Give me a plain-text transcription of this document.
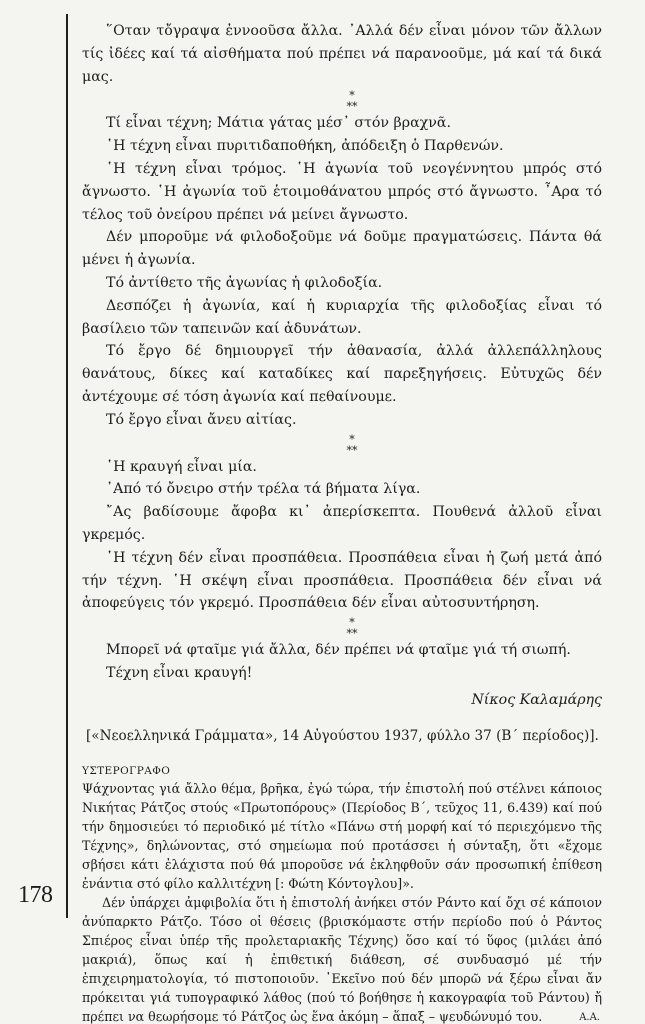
178

῞Οταν τὄγραψα ἐννοοῦσα ἄλλα. ᾿Αλλά δέν εἶναι μόνον τῶν ἄλλων τίς ἰδέες καί τά αἰσθήματα πού πρέπει νά παρανοοῦμε, μά καί τά δικά μας.

*
**

Τί εἶναι τέχνη; Μάτια γάτας μέσ᾿ στόν βραχνᾶ.

῾Η τέχνη εἶναι πυριτιδαποθήκη, ἀπόδειξη ὁ Παρθενών.

῾Η τέχνη εἶναι τρόμος. ῾Η ἀγωνία τοῦ νεογέννητου μπρός στό ἄγνωστο. ῾Η ἀγωνία τοῦ ἑτοιμοθάνατου μπρός στό ἄγνωστο. ῏Αρα τό τέλος τοῦ ὀνείρου πρέπει νά μείνει ἄγνωστο.

Δέν μποροῦμε νά φιλοδοξοῦμε νά δοῦμε πραγματώσεις. Πάντα θά μένει ἡ ἀγωνία.

Τό ἀντίθετο τῆς ἀγωνίας ἡ φιλοδοξία.

Δεσπόζει ἡ ἀγωνία, καί ἡ κυριαρχία τῆς φιλοδοξίας εἶναι τό βασίλειο τῶν ταπεινῶν καί ἀδυνάτων.

Τό ἔργο δέ δημιουργεῖ τήν ἀθανασία, ἀλλά ἀλλεπάλληλους θανάτους, δίκες καί καταδίκες καί παρεξηγήσεις. Εὐτυχῶς δέν ἀντέχουμε σέ τόση ἀγωνία καί πεθαίνουμε.

Τό ἔργο εἶναι ἄνευ αἰτίας.

*
**

῾Η κραυγή εἶναι μία.

᾿Από τό ὄνειρο στήν τρέλα τά βήματα λίγα.

῎Ας βαδίσουμε ἄφοβα κι᾿ ἀπερίσκεπτα. Πουθενά ἀλλοῦ εἶναι γκρεμός.

῾Η τέχνη δέν εἶναι προσπάθεια. Προσπάθεια εἶναι ἡ ζωή μετά ἀπό τήν τέχνη. ῾Η σκέψη εἶναι προσπάθεια. Προσπάθεια δέν εἶναι νά ἀποφεύγεις τόν γκρεμό. Προσπάθεια δέν εἶναι αὐτοσυντήρηση.

*
**

Μπορεῖ νά φταῖμε γιά ἄλλα, δέν πρέπει νά φταῖμε γιά τή σιωπή.

Τέχνη εἶναι κραυγή!

Νίκος Καλαμάρης
[«Νεοελληνικά Γράμματα», 14 Αὐγούστου 1937, φύλλο 37 (Β΄ περίοδος)].
ΥΣΤΕΡΟΓΡΑΦΟ

Ψάχνοντας γιά ἄλλο θέμα, βρῆκα, ἐγώ τώρα, τήν ἐπιστολή πού στέλνει κάποιος Νικήτας Ράτζος στούς «Πρωτοπόρους» (Περίοδος Β΄, τεῦχος 11, 6.439) καί πού τήν δημοσιεύει τό περιοδικό μέ τίτλο «Πάνω στή μορφή καί τό περιεχόμενο τῆς Τέχνης», δηλώνοντας, στό σημείωμα πού προτάσσει ἡ σύνταξη, ὅτι «ἔχομε σβήσει κάτι ἐλάχιστα πού θά μποροῦσε νά ἐκληφθοῦν σάν προσωπική ἐπίθεση ἐνάντια στό φίλο καλλιτέχνη [: Φώτη Κόντογλου]».

Δέν ὑπάρχει ἀμφιβολία ὅτι ἡ ἐπιστολή ἀνήκει στόν Ράντο καί ὄχι σέ κάποιον ἀνύπαρκτο Ράτζο. Τόσο οἱ θέσεις (βρισκόμαστε στήν περίοδο πού ὁ Ράντος Σπιέρος εἶναι ὑπέρ τῆς προλεταριακῆς Τέχνης) ὅσο καί τό ὕφος (μιλάει ἀπό μακριά), ὅπως καί ἡ ἐπιθετική διάθεση, σέ συνδυασμό μέ τήν ἐπιχειρηματολογία, τό πιστοποιοῦν. ᾿Εκεῖνο πού δέν μπορῶ νά ξέρω εἶναι ἄν πρόκειται γιά τυπογραφικό λάθος (πού τό βοήθησε ἡ κακογραφία τοῦ Ράντου) ἤ πρέπει να θεωρήσομε τό Ράτζος ὡς ἕνα ἀκόμη – ἅπαξ – ψευδώνυμό του.	Α.Α.
